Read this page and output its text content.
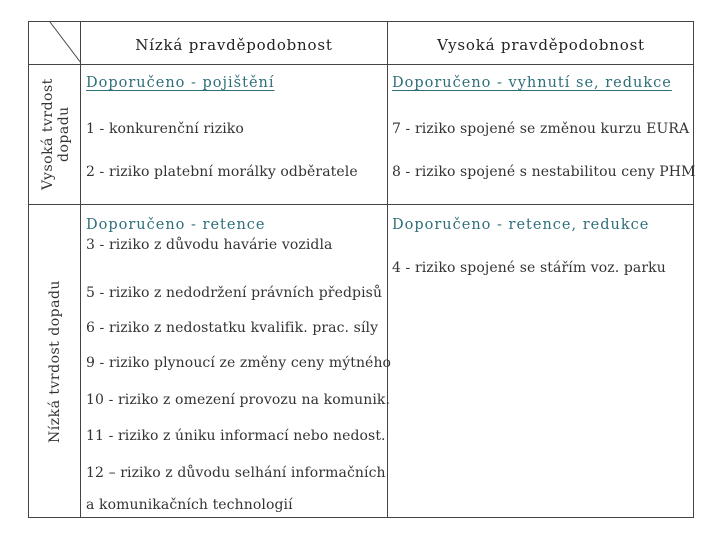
Nízká pravděpodobnost	Vysoká pravděpodobnost
Vysoká tvrdost dopadu
Nízká tvrdost dopadu
Doporučeno - pojištění
1 - konkurenční riziko
2 - riziko platební morálky odběratele
Doporučeno - vyhnutí se, redukce
7 - riziko spojené se změnou kurzu EURA
8 - riziko spojené s nestabilitou ceny PHM
Doporučeno - retence
3 - riziko z důvodu havárie vozidla
5 - riziko z nedodržení právních předpisů
6 - riziko z nedostatku kvalifik. prac. síly
9 - riziko plynoucí ze změny ceny mýtného
10 - riziko z omezení provozu na komunik.
11 - riziko z úniku informací nebo nedost.
12 – riziko z důvodu selhání informačních
a komunikačních technologií
Doporučeno - retence, redukce
4 - riziko spojené se stářím voz. parku
